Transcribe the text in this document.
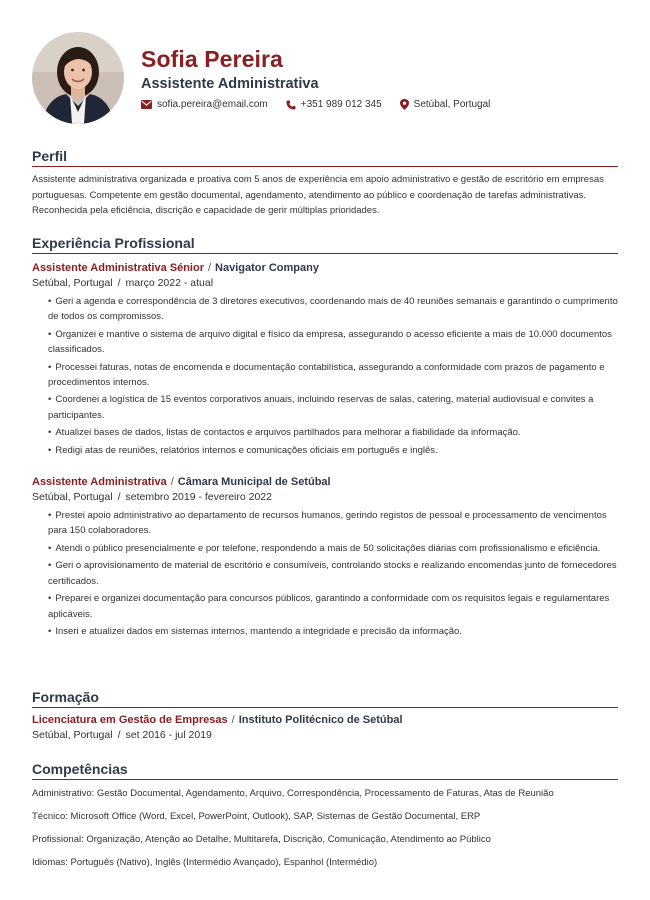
Sofia Pereira
Assistente Administrativa
sofia.pereira@email.com	+351 989 012 345	Setúbal, Portugal
Perfil
Assistente administrativa organizada e proativa com 5 anos de experiência em apoio administrativo e gestão de escritório em empresas portuguesas. Competente em gestão documental, agendamento, atendimento ao público e coordenação de tarefas administrativas. Reconhecida pela eficiência, discrição e capacidade de gerir múltiplas prioridades.
Experiência Profissional
Assistente Administrativa Sénior / Navigator Company
Setúbal, Portugal / março 2022 - atual
• Geri a agenda e correspondência de 3 diretores executivos, coordenando mais de 40 reuniões semanais e garantindo o cumprimento de todos os compromissos.
• Organizei e mantive o sistema de arquivo digital e físico da empresa, assegurando o acesso eficiente a mais de 10.000 documentos classificados.
• Processei faturas, notas de encomenda e documentação contabilística, assegurando a conformidade com prazos de pagamento e procedimentos internos.
• Coordenei a logística de 15 eventos corporativos anuais, incluindo reservas de salas, catering, material audiovisual e convites a participantes.
• Atualizei bases de dados, listas de contactos e arquivos partilhados para melhorar a fiabilidade da informação.
• Redigi atas de reuniões, relatórios internos e comunicações oficiais em português e inglês.
Assistente Administrativa / Câmara Municipal de Setúbal
Setúbal, Portugal / setembro 2019 - fevereiro 2022
• Prestei apoio administrativo ao departamento de recursos humanos, gerindo registos de pessoal e processamento de vencimentos para 150 colaboradores.
• Atendi o público presencialmente e por telefone, respondendo a mais de 50 solicitações diárias com profissionalismo e eficiência.
• Geri o aprovisionamento de material de escritório e consumíveis, controlando stocks e realizando encomendas junto de fornecedores certificados.
• Preparei e organizei documentação para concursos públicos, garantindo a conformidade com os requisitos legais e regulamentares aplicáveis.
• Inseri e atualizei dados em sistemas internos, mantendo a integridade e precisão da informação.
Formação
Licenciatura em Gestão de Empresas / Instituto Politécnico de Setúbal
Setúbal, Portugal / set 2016 - jul 2019
Competências
Administrativo: Gestão Documental, Agendamento, Arquivo, Correspondência, Processamento de Faturas, Atas de Reunião
Técnico: Microsoft Office (Word, Excel, PowerPoint, Outlook), SAP, Sistemas de Gestão Documental, ERP
Profissional: Organização, Atenção ao Detalhe, Multitarefa, Discrição, Comunicação, Atendimento ao Público
Idiomas: Português (Nativo), Inglês (Intermédio Avançado), Espanhol (Intermédio)
